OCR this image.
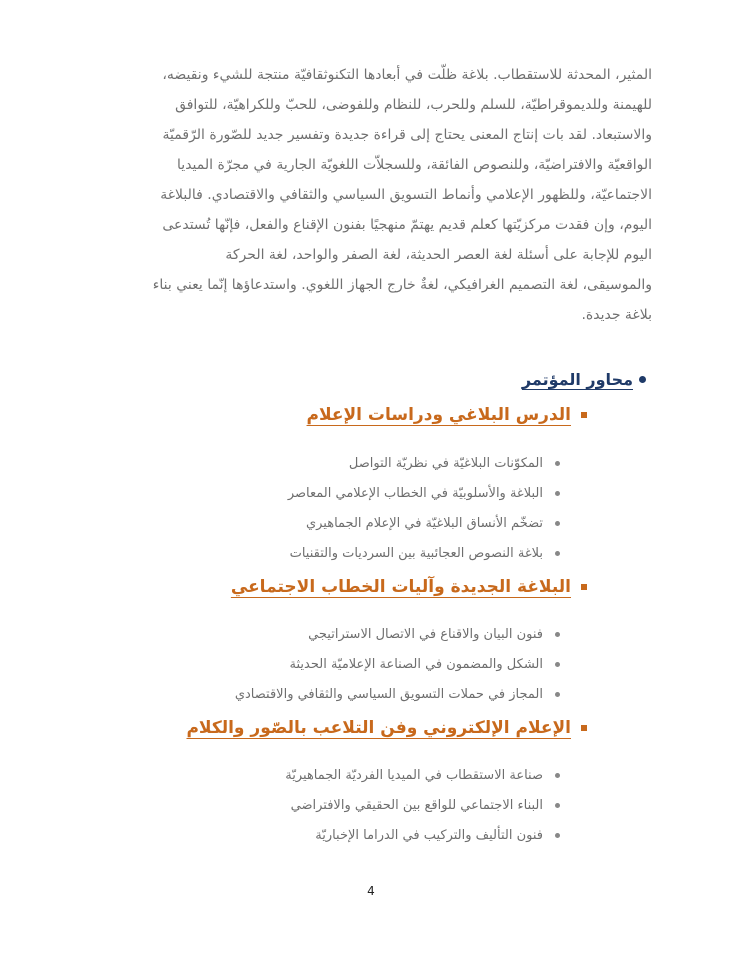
المثير، المحدثة للاستقطاب. بلاغة ظلّت في أبعادها التكنوثقافيّة منتجة للشيء ونقيضه،
للهيمنة وللديموقراطيّة، للسلم وللحرب، للنظام وللفوضى، للحبّ وللكراهيّة، للتوافق
والاستبعاد. لقد بات إنتاج المعنى يحتاج إلى قراءة جديدة وتفسير جديد للصّورة الرّقميّة
الواقعيّة والافتراضيّة، وللنصوص الفائقة، وللسجلاّت اللغويّة الجارية في مجرّة الميديا
الاجتماعيّة، وللظهور الإعلامي وأنماط التسويق السياسي والثقافي والاقتصادي. فالبلاغة
اليوم، وإن فقدت مركزيّتها كعلم قديم يهتمّ منهجيًا بفنون الإقناع والفعل، فإنّها تُستدعى
اليوم للإجابة على أسئلة لغة العصر الحديثة، لغة الصفر والواحد، لغة الحركة
والموسيقى، لغة التصميم الغرافيكي، لغةٌ خارج الجهاز اللغوي. واستدعاؤها إنّما يعني بناء
بلاغة جديدة.
محاور المؤتمر
الدرس البلاغي ودراسات الإعلام
المكوّنات البلاغيّة في نظريّة التواصل
البلاغة والأسلوبيّة في الخطاب الإعلامي المعاصر
تضخّم الأنساق البلاغيّة في الإعلام الجماهيري
بلاغة النصوص العجائبية بين السرديات والتقنيات
البلاغة الجديدة وآليات الخطاب الاجتماعي
فنون البيان والاقناع في الاتصال الاستراتيجي
الشكل والمضمون في الصناعة الإعلاميّة الحديثة
المجاز في حملات التسويق السياسي والثقافي والاقتصادي
الإعلام الإلكتروني وفن التلاعب بالصّور والكلام
صناعة الاستقطاب في الميديا الفرديّة الجماهيريّة
البناء الاجتماعي للواقع بين الحقيقي والافتراضي
فنون التأليف والتركيب في الدراما الإخباريّة
4
